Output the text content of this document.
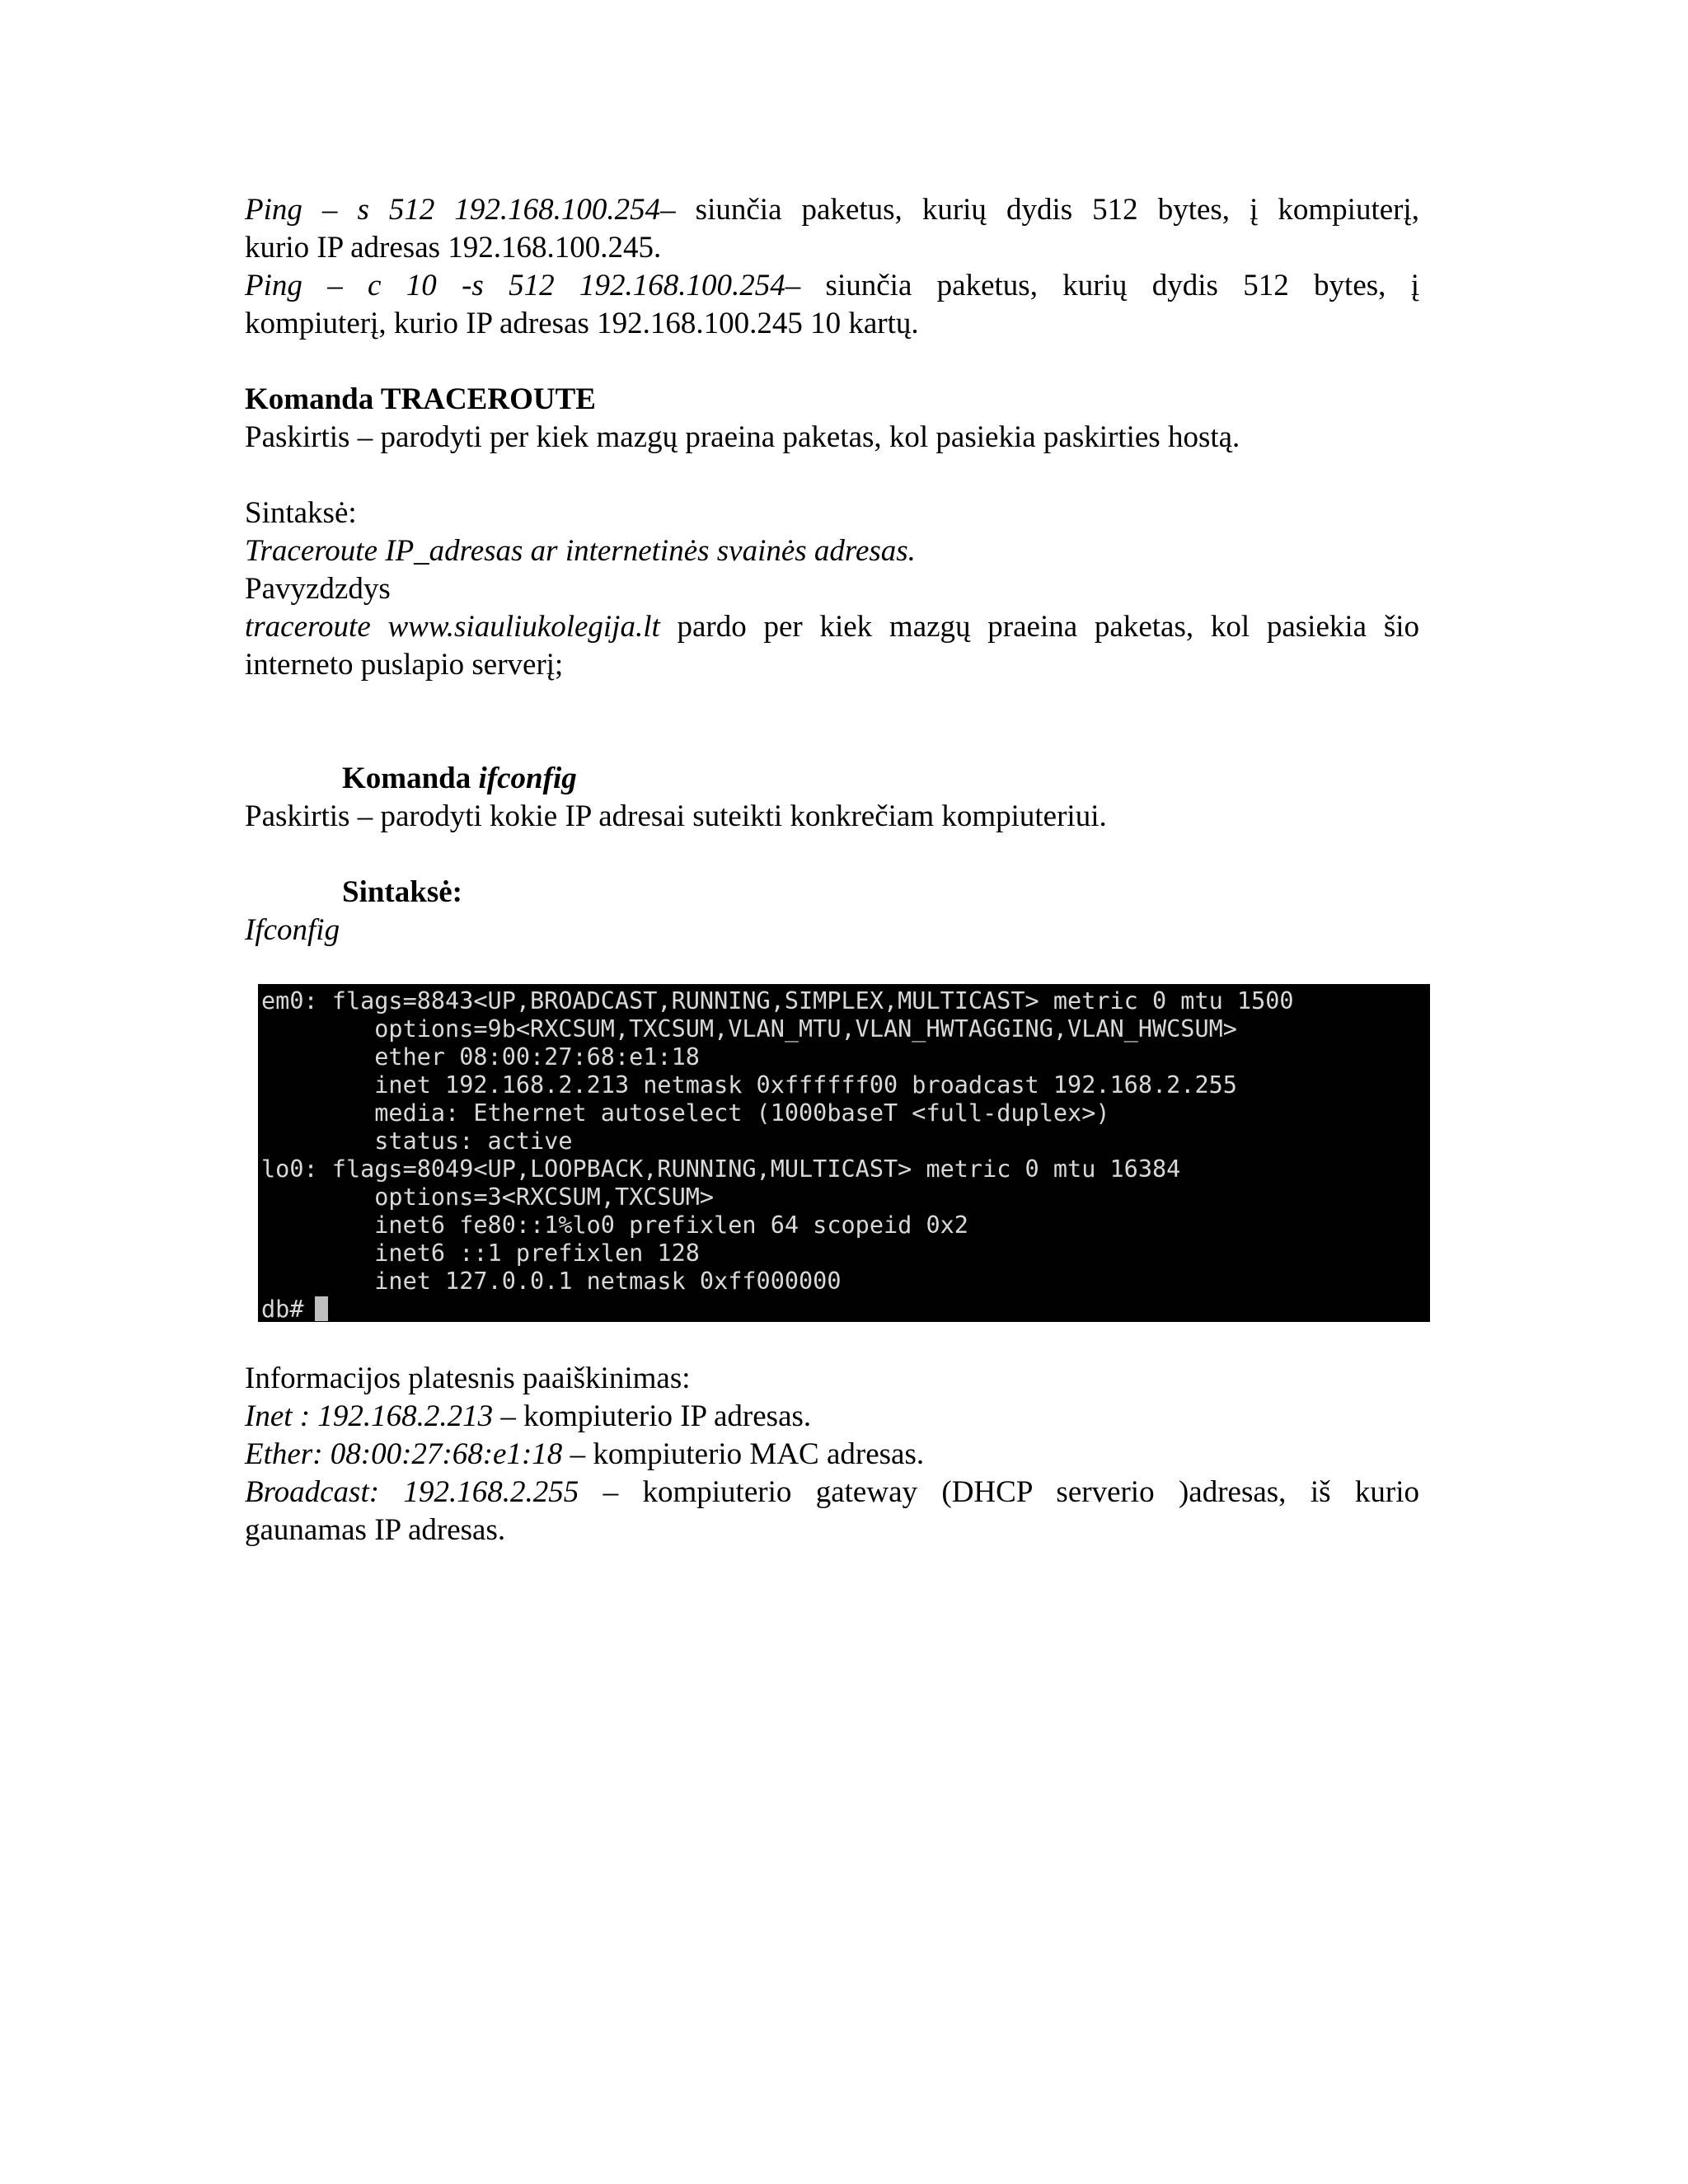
Ping – s 512 192.168.100.254– siunčia paketus, kurių dydis 512 bytes, į kompiuterį,
kurio IP adresas 192.168.100.245.
Ping – c 10 -s 512 192.168.100.254– siunčia paketus, kurių dydis 512 bytes, į
kompiuterį, kurio IP adresas 192.168.100.245 10 kartų.
Komanda TRACEROUTE
Paskirtis – parodyti per kiek mazgų praeina paketas, kol pasiekia paskirties hostą.
Sintaksė:
Traceroute IP_adresas ar internetinės svainės adresas.
Pavyzdzdys
traceroute www.siauliukolegija.lt pardo per kiek mazgų praeina paketas, kol pasiekia šio
interneto puslapio serverį;
Komanda ifconfig
Paskirtis – parodyti kokie IP adresai suteikti konkrečiam kompiuteriui.
Sintaksė:
Ifconfig
em0: flags=8843<UP,BROADCAST,RUNNING,SIMPLEX,MULTICAST> metric 0 mtu 1500
options=9b<RXCSUM,TXCSUM,VLAN_MTU,VLAN_HWTAGGING,VLAN_HWCSUM>
ether 08:00:27:68:e1:18
inet 192.168.2.213 netmask 0xffffff00 broadcast 192.168.2.255
media: Ethernet autoselect (1000baseT <full-duplex>)
status: active
lo0: flags=8049<UP,LOOPBACK,RUNNING,MULTICAST> metric 0 mtu 16384
options=3<RXCSUM,TXCSUM>
inet6 fe80::1%lo0 prefixlen 64 scopeid 0x2
inet6 ::1 prefixlen 128
inet 127.0.0.1 netmask 0xff000000
db#
Informacijos platesnis paaiškinimas:
Inet : 192.168.2.213 – kompiuterio IP adresas.
Ether: 08:00:27:68:e1:18 – kompiuterio MAC adresas.
Broadcast: 192.168.2.255 – kompiuterio gateway (DHCP serverio )adresas, iš kurio
gaunamas IP adresas.
